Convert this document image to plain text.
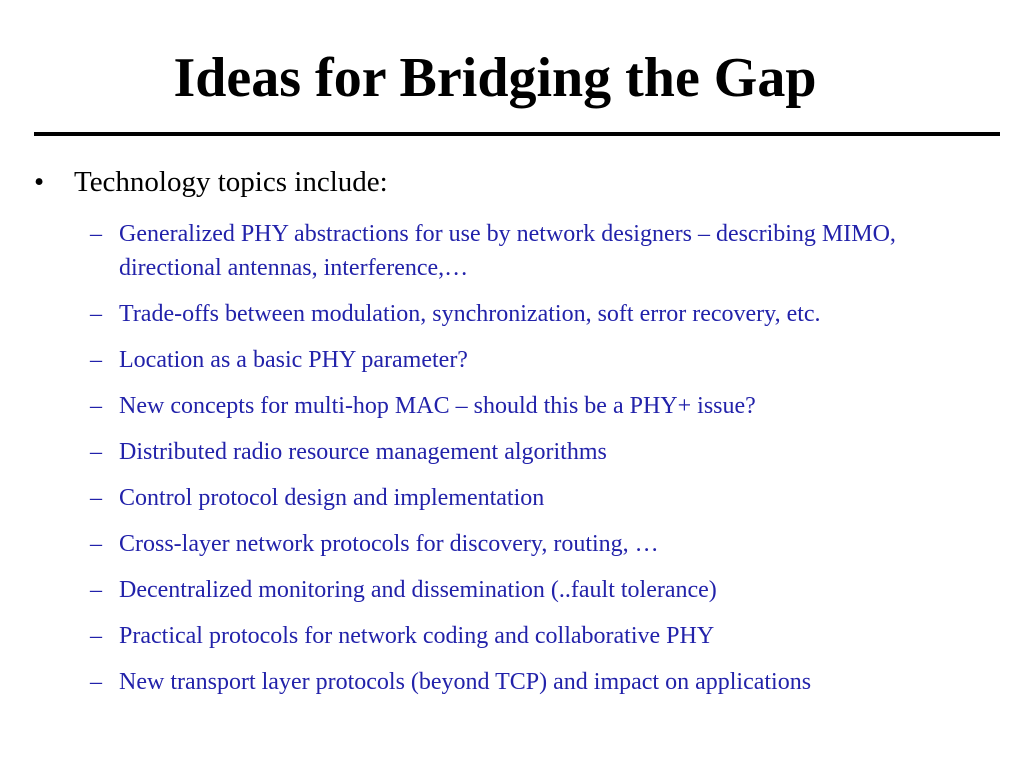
Ideas for Bridging the Gap
• Technology topics include:
– Generalized PHY abstractions for use by network designers – describing MIMO, directional antennas, interference,…
– Trade-offs between modulation, synchronization, soft error recovery, etc.
– Location as a basic PHY parameter?
– New concepts for multi-hop MAC – should this be a PHY+ issue?
– Distributed radio resource management algorithms
– Control protocol design and implementation
– Cross-layer network protocols for discovery, routing, …
– Decentralized monitoring and dissemination (..fault tolerance)
– Practical protocols for network coding and collaborative PHY
– New transport layer protocols (beyond TCP) and impact on applications
